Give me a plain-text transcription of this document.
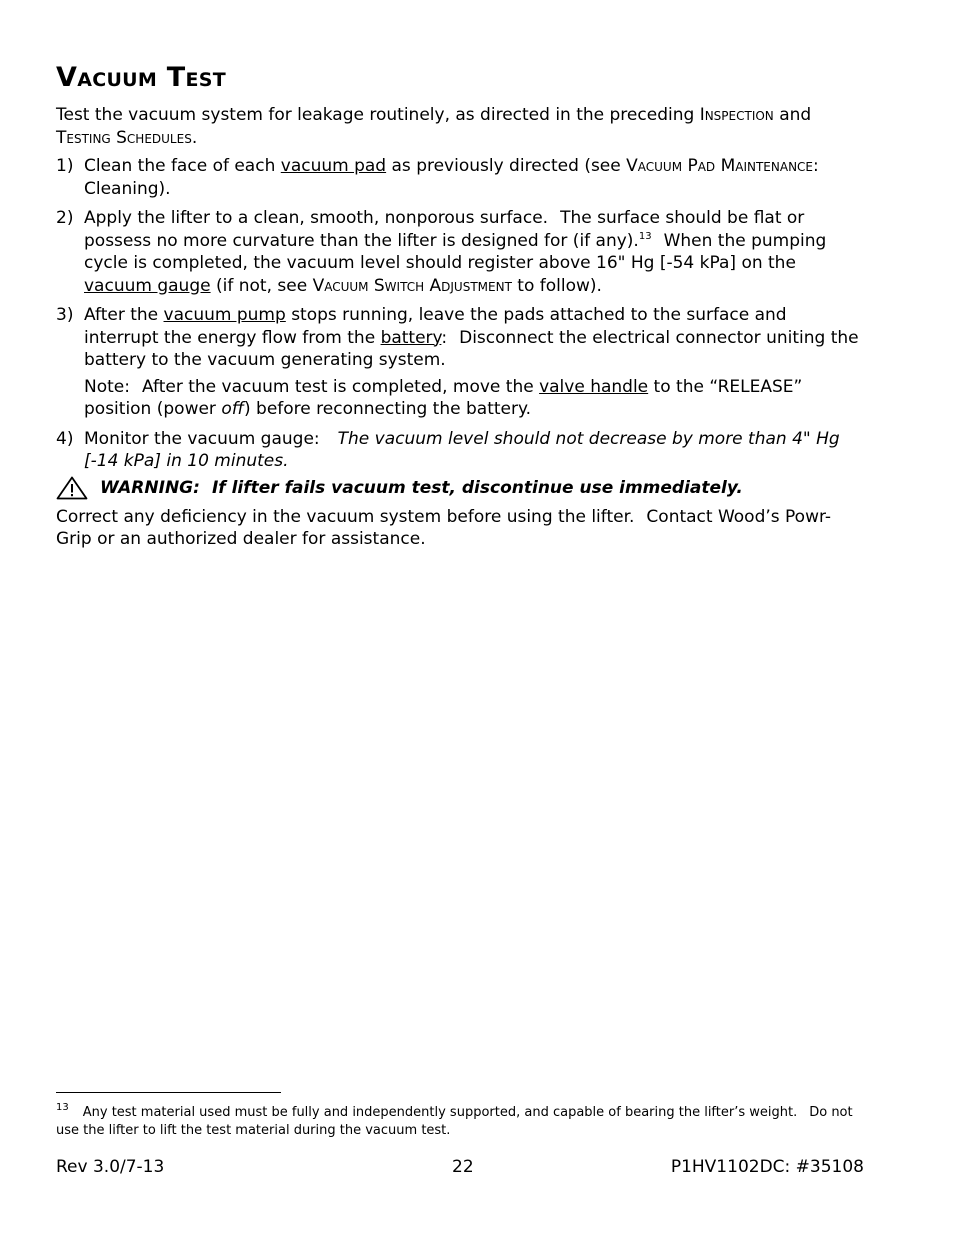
Vacuum Test

Test the vacuum system for leakage routinely, as directed in the preceding Inspection and
Testing Schedules.

1) Clean the face of each vacuum pad as previously directed (see Vacuum Pad Maintenance: Cleaning).
2) Apply the lifter to a clean, smooth, nonporous surface. The surface should be flat or possess no more curvature than the lifter is designed for (if any).$^{13}$ When the pumping cycle is completed, the vacuum level should register above 16" Hg [-54 kPa] on the vacuum gauge (if not, see Vacuum Switch Adjustment to follow).
3) After the vacuum pump stops running, leave the pads attached to the surface and interrupt the energy flow from the battery: Disconnect the electrical connector uniting the battery to the vacuum generating system.

Note: After the vacuum test is completed, move the valve handle to the “RELEASE” position (power off) before reconnecting the battery.

4) Monitor the vacuum gauge: The vacuum level should not decrease by more than 4" Hg [-14 kPa] in 10 minutes.
WARNING: If lifter fails vacuum test, discontinue use immediately.

Correct any deficiency in the vacuum system before using the lifter. Contact Wood’s Powr-Grip or an authorized dealer for assistance.

$^{13}$ Any test material used must be fully and independently supported, and capable of bearing the lifter’s weight. Do not use the lifter to lift the test material during the vacuum test.
Rev 3.0/7-13	22	P1HV1102DC: #35108
